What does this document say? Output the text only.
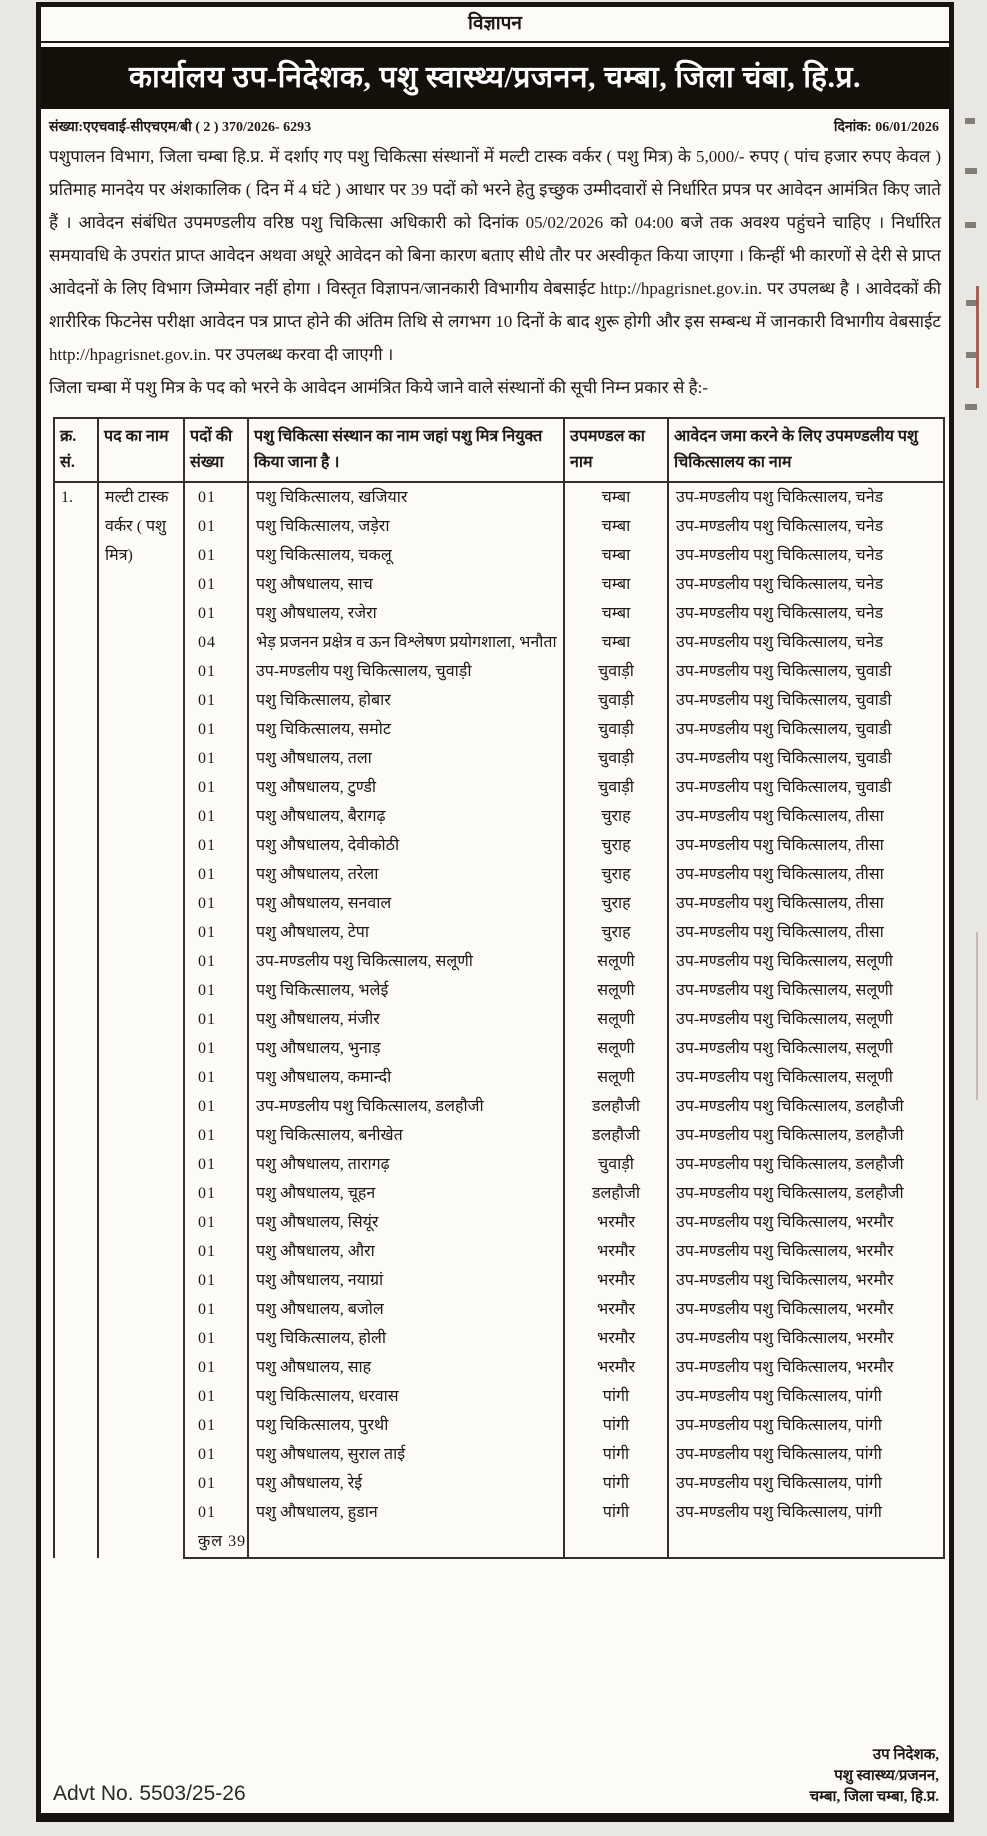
विज्ञापन
कार्यालय उप-निदेशक, पशु स्वास्थ्य/प्रजनन, चम्बा, जिला चंबा, हि.प्र.
संख्या:एएचवाई-सीएचएम/बी ( 2 ) 370/2026- 6293	दिनांक: 06/01/2026

पशुपालन विभाग, जिला चम्बा हि.प्र. में दर्शाए गए पशु चिकित्सा संस्थानों में मल्टी टास्क वर्कर ( पशु मित्र) के 5,000/- रुपए ( पांच हजार रुपए केवल ) प्रतिमाह मानदेय पर अंशकालिक ( दिन में 4 घंटे ) आधार पर 39 पदों को भरने हेतु इच्छुक उम्मीदवारों से निर्धारित प्रपत्र पर आवेदन आमंत्रित किए जाते हैं । आवेदन संबंधित उपमण्डलीय वरिष्ठ पशु चिकित्सा अधिकारी को दिनांक 05/02/2026 को 04:00 बजे तक अवश्य पहुंचने चाहिए । निर्धारित समयावधि के उपरांत प्राप्त आवेदन अथवा अधूरे आवेदन को बिना कारण बताए सीधे तौर पर अस्वीकृत किया जाएगा । किन्हीं भी कारणों से देरी से प्राप्त आवेदनों के लिए विभाग जिम्मेवार नहीं होगा । विस्तृत विज्ञापन/जानकारी विभागीय वेबसाईट http://hpagrisnet.gov.in. पर उपलब्ध है । आवेदकों की शारीरिक फिटनेस परीक्षा आवेदन पत्र प्राप्त होने की अंतिम तिथि से लगभग 10 दिनों के बाद शुरू होगी और इस सम्बन्ध में जानकारी विभागीय वेबसाईट http://hpagrisnet.gov.in. पर उपलब्ध करवा दी जाएगी ।

जिला चम्बा में पशु मित्र के पद को भरने के आवेदन आमंत्रित किये जाने वाले संस्थानों की सूची निम्न प्रकार से है:-

क्र. सं.	पद का नाम	पदों की संख्या	पशु चिकित्सा संस्थान का नाम जहां पशु मित्र नियुक्त किया जाना है ।	उपमण्डल का नाम	आवेदन जमा करने के लिए उपमण्डलीय पशु चिकित्सालय का नाम
1.	मल्टी टास्क वर्कर ( पशु मित्र)	01	पशु चिकित्सालय, खजियार	चम्बा	उप-मण्डलीय पशु चिकित्सालय, चनेड
		01	पशु चिकित्सालय, जड़ेरा	चम्बा	उप-मण्डलीय पशु चिकित्सालय, चनेड
		01	पशु चिकित्सालय, चकलू	चम्बा	उप-मण्डलीय पशु चिकित्सालय, चनेड
		01	पशु औषधालय, साच	चम्बा	उप-मण्डलीय पशु चिकित्सालय, चनेड
		01	पशु औषधालय, रजेरा	चम्बा	उप-मण्डलीय पशु चिकित्सालय, चनेड
		04	भेड़ प्रजनन प्रक्षेत्र व ऊन विश्लेषण प्रयोगशाला, भनौता	चम्बा	उप-मण्डलीय पशु चिकित्सालय, चनेड
		01	उप-मण्डलीय पशु चिकित्सालय, चुवाड़ी	चुवाड़ी	उप-मण्डलीय पशु चिकित्सालय, चुवाडी
		01	पशु चिकित्सालय, होबार	चुवाड़ी	उप-मण्डलीय पशु चिकित्सालय, चुवाडी
		01	पशु चिकित्सालय, समोट	चुवाड़ी	उप-मण्डलीय पशु चिकित्सालय, चुवाडी
		01	पशु औषधालय, तला	चुवाड़ी	उप-मण्डलीय पशु चिकित्सालय, चुवाडी
		01	पशु औषधालय, टुण्डी	चुवाड़ी	उप-मण्डलीय पशु चिकित्सालय, चुवाडी
		01	पशु औषधालय, बैरागढ़	चुराह	उप-मण्डलीय पशु चिकित्सालय, तीसा
		01	पशु औषधालय, देवीकोठी	चुराह	उप-मण्डलीय पशु चिकित्सालय, तीसा
		01	पशु औषधालय, तरेला	चुराह	उप-मण्डलीय पशु चिकित्सालय, तीसा
		01	पशु औषधालय, सनवाल	चुराह	उप-मण्डलीय पशु चिकित्सालय, तीसा
		01	पशु औषधालय, टेपा	चुराह	उप-मण्डलीय पशु चिकित्सालय, तीसा
		01	उप-मण्डलीय पशु चिकित्सालय, सलूणी	सलूणी	उप-मण्डलीय पशु चिकित्सालय, सलूणी
		01	पशु चिकित्सालय, भलेई	सलूणी	उप-मण्डलीय पशु चिकित्सालय, सलूणी
		01	पशु औषधालय, मंजीर	सलूणी	उप-मण्डलीय पशु चिकित्सालय, सलूणी
		01	पशु औषधालय, भुनाड़	सलूणी	उप-मण्डलीय पशु चिकित्सालय, सलूणी
		01	पशु औषधालय, कमान्दी	सलूणी	उप-मण्डलीय पशु चिकित्सालय, सलूणी
		01	उप-मण्डलीय पशु चिकित्सालय, डलहौजी	डलहौजी	उप-मण्डलीय पशु चिकित्सालय, डलहौजी
		01	पशु चिकित्सालय, बनीखेत	डलहौजी	उप-मण्डलीय पशु चिकित्सालय, डलहौजी
		01	पशु औषधालय, तारागढ़	चुवाड़ी	उप-मण्डलीय पशु चिकित्सालय, डलहौजी
		01	पशु औषधालय, चूहन	डलहौजी	उप-मण्डलीय पशु चिकित्सालय, डलहौजी
		01	पशु औषधालय, सियूंर	भरमौर	उप-मण्डलीय पशु चिकित्सालय, भरमौर
		01	पशु औषधालय, औरा	भरमौर	उप-मण्डलीय पशु चिकित्सालय, भरमौर
		01	पशु औषधालय, नयाग्रां	भरमौर	उप-मण्डलीय पशु चिकित्सालय, भरमौर
		01	पशु औषधालय, बजोल	भरमौर	उप-मण्डलीय पशु चिकित्सालय, भरमौर
		01	पशु चिकित्सालय, होली	भरमौर	उप-मण्डलीय पशु चिकित्सालय, भरमौर
		01	पशु औषधालय, साह	भरमौर	उप-मण्डलीय पशु चिकित्सालय, भरमौर
		01	पशु चिकित्सालय, धरवास	पांगी	उप-मण्डलीय पशु चिकित्सालय, पांगी
		01	पशु चिकित्सालय, पुरथी	पांगी	उप-मण्डलीय पशु चिकित्सालय, पांगी
		01	पशु औषधालय, सुराल ताई	पांगी	उप-मण्डलीय पशु चिकित्सालय, पांगी
		01	पशु औषधालय, रेई	पांगी	उप-मण्डलीय पशु चिकित्सालय, पांगी
		01	पशु औषधालय, हुडान	पांगी	उप-मण्डलीय पशु चिकित्सालय, पांगी
		कुल 39			
Advt No. 5503/25-26
उप निदेशक,
पशु स्वास्थ्य/प्रजनन,
चम्बा, जिला चम्बा, हि.प्र.
